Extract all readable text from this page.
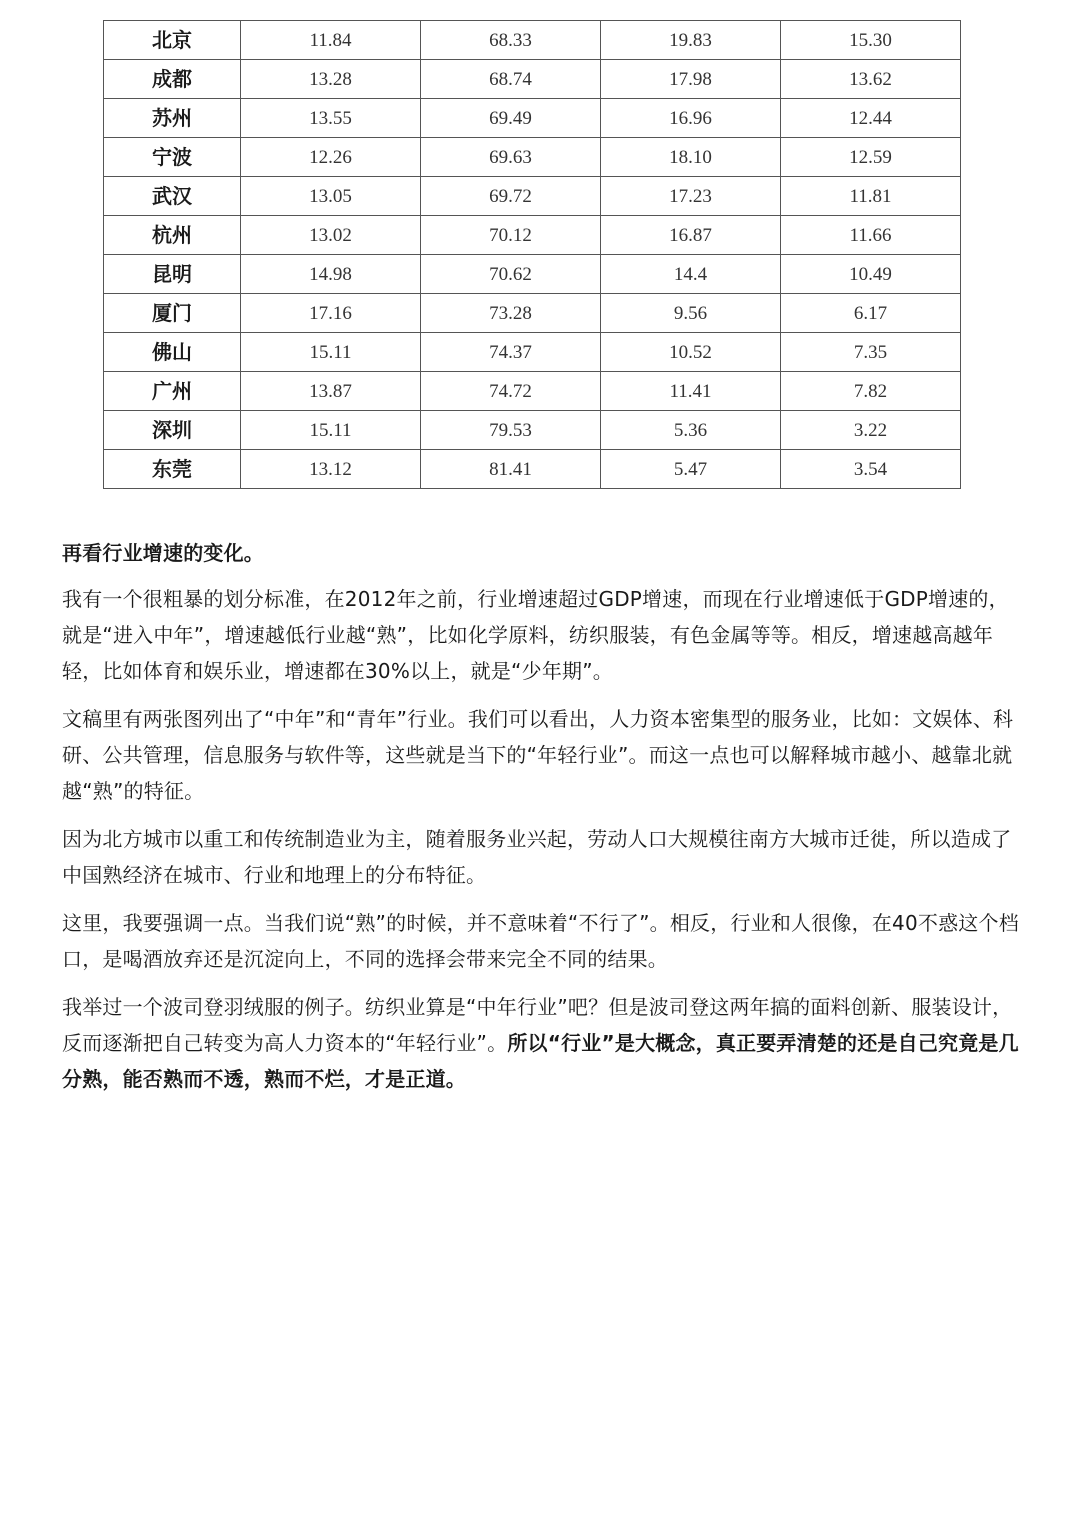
北京	11.84	68.33	19.83	15.30
成都	13.28	68.74	17.98	13.62
苏州	13.55	69.49	16.96	12.44
宁波	12.26	69.63	18.10	12.59
武汉	13.05	69.72	17.23	11.81
杭州	13.02	70.12	16.87	11.66
昆明	14.98	70.62	14.4	10.49
厦门	17.16	73.28	9.56	6.17
佛山	15.11	74.37	10.52	7.35
广州	13.87	74.72	11.41	7.82
深圳	15.11	79.53	5.36	3.22
东莞	13.12	81.41	5.47	3.54

再看行业增速的变化。

我有一个很粗暴的划分标准，在2012年之前，行业增速超过GDP增速，而现在行业增速低于GDP增速的，就是“进入中年”，增速越低行业越“熟”，比如化学原料，纺织服装，有色金属等等。相反，增速越高越年轻，比如体育和娱乐业，增速都在30%以上，就是“少年期”。

文稿里有两张图列出了“中年”和“青年”行业。我们可以看出，人力资本密集型的服务业，比如：文娱体、科研、公共管理，信息服务与软件等，这些就是当下的“年轻行业”。而这一点也可以解释城市越小、越靠北就越“熟”的特征。

因为北方城市以重工和传统制造业为主，随着服务业兴起，劳动人口大规模往南方大城市迁徙，所以造成了中国熟经济在城市、行业和地理上的分布特征。

这里，我要强调一点。当我们说“熟”的时候，并不意味着“不行了”。相反，行业和人很像，在40不惑这个档口，是喝酒放弃还是沉淀向上，不同的选择会带来完全不同的结果。

我举过一个波司登羽绒服的例子。纺织业算是“中年行业”吧？但是波司登这两年搞的面料创新、服装设计，反而逐渐把自己转变为高人力资本的“年轻行业”。所以“行业”是大概念，真正要弄清楚的还是自己究竟是几分熟，能否熟而不透，熟而不烂，才是正道。
